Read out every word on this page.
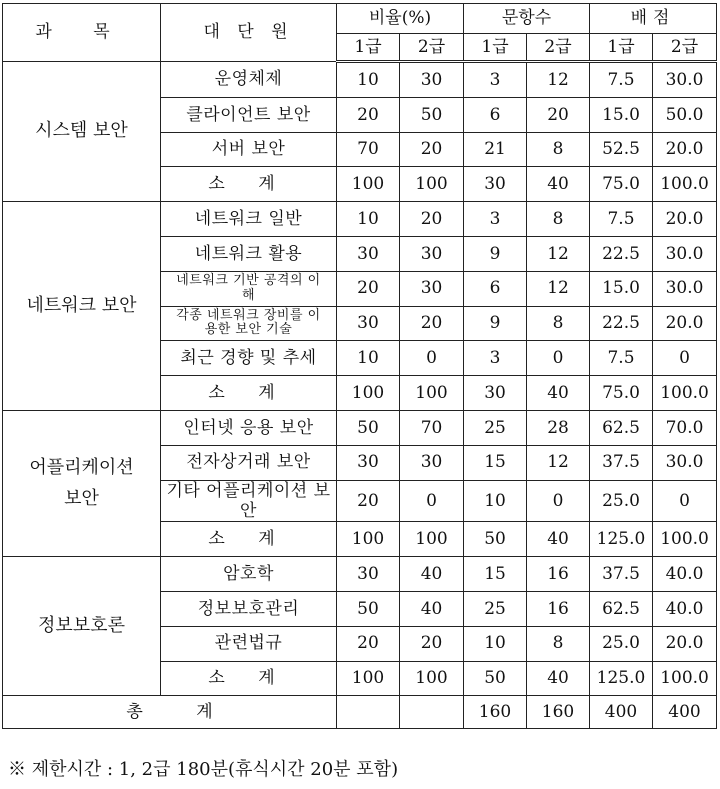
과 목	대 단 원	비율(%)		문항수		배점	
		1급	2급	1급	2급	1급	2급
시스템 보안	운영체제	10	30	3	12	7.5	30.0
	클라이언트 보안	20	50	6	20	15.0	50.0
	서버 보안	70	20	21	8	52.5	20.0
	소 계	100	100	30	40	75.0	100.0
네트워크 보안	네트워크 일반	10	20	3	8	7.5	20.0
	네트워크 활용	30	30	9	12	22.5	30.0
	네트워크 기반 공격의 이해	20	30	6	12	15.0	30.0
	각종 네트워크 장비를 이용한 보안 기술	30	20	9	8	22.5	20.0
	최근 경향 및 추세	10	0	3	0	7.5	0
	소 계	100	100	30	40	75.0	100.0
어플리케이션 보안	인터넷 응용 보안	50	70	25	28	62.5	70.0
	전자상거래 보안	30	30	15	12	37.5	30.0
	기타 어플리케이션 보안	20	0	10	0	25.0	0
	소 계	100	100	50	40	125.0	100.0
정보보호론	암호학	30	40	15	16	37.5	40.0
	정보보호관리	50	40	25	16	62.5	40.0
	관련법규	20	20	10	8	25.0	20.0
	소 계	100	100	50	40	125.0	100.0
총 계				160	160	400	400
※ 제한시간 : 1, 2급 180분(휴식시간 20분 포함)
